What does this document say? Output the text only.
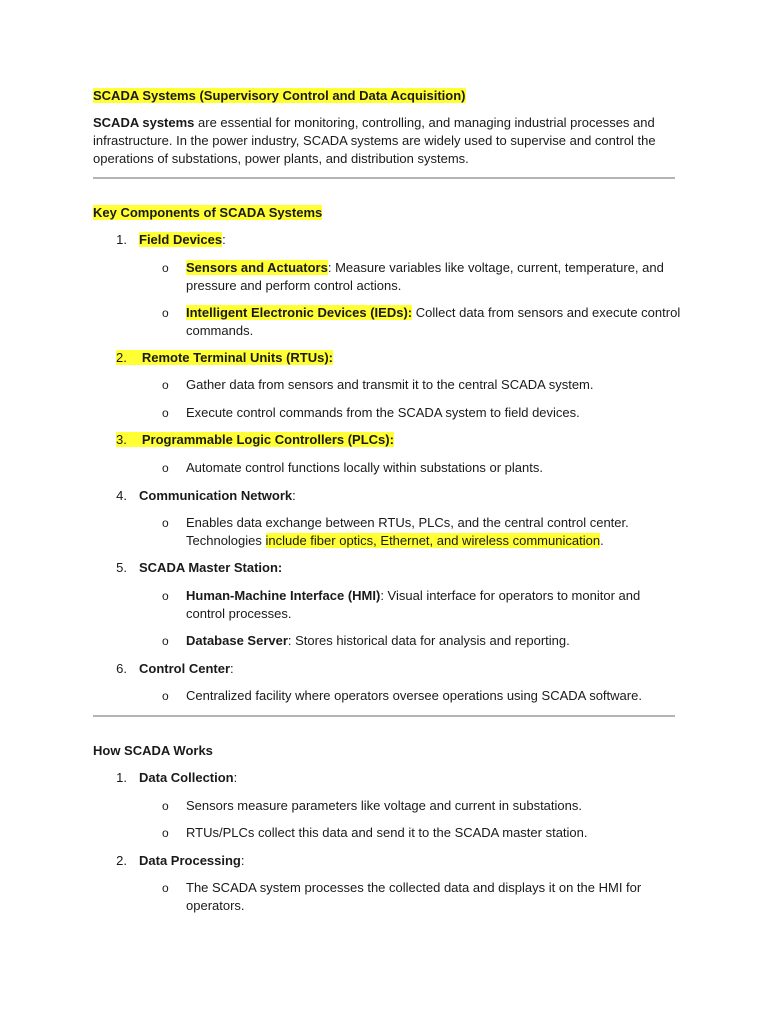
SCADA Systems (Supervisory Control and Data Acquisition)
SCADA systems are essential for monitoring, controlling, and managing industrial processes and
infrastructure. In the power industry, SCADA systems are widely used to supervise and control the
operations of substations, power plants, and distribution systems.
Key Components of SCADA Systems
1. Field Devices:
o Sensors and Actuators: Measure variables like voltage, current, temperature, and
pressure and perform control actions.
o Intelligent Electronic Devices (IEDs): Collect data from sensors and execute control
commands.
2. Remote Terminal Units (RTUs):
o Gather data from sensors and transmit it to the central SCADA system.
o Execute control commands from the SCADA system to field devices.
3. Programmable Logic Controllers (PLCs):
o Automate control functions locally within substations or plants.
4. Communication Network:
o Enables data exchange between RTUs, PLCs, and the central control center.
Technologies include fiber optics, Ethernet, and wireless communication.
5. SCADA Master Station:
o Human-Machine Interface (HMI): Visual interface for operators to monitor and
control processes.
o Database Server: Stores historical data for analysis and reporting.
6. Control Center:
o Centralized facility where operators oversee operations using SCADA software.
How SCADA Works
1. Data Collection:
o Sensors measure parameters like voltage and current in substations.
o RTUs/PLCs collect this data and send it to the SCADA master station.
2. Data Processing:
o The SCADA system processes the collected data and displays it on the HMI for
operators.
